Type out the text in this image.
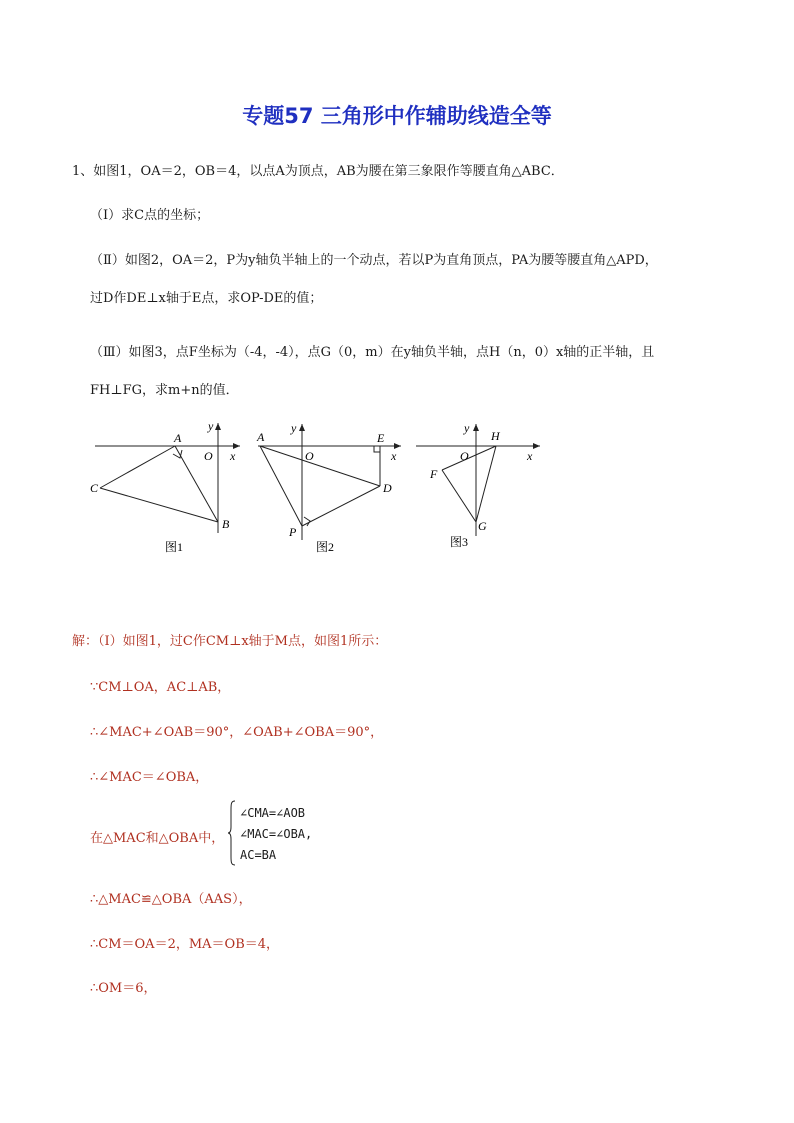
专题57 三角形中作辅助线造全等
1、如图1，OA＝2，OB＝4，以点A为顶点，AB为腰在第三象限作等腰直角△ABC．
（Ⅰ）求C点的坐标；
（Ⅱ）如图2，OA＝2，P为y轴负半轴上的一个动点，若以P为直角顶点，PA为腰等腰直角△APD，
过D作DE⊥x轴于E点，求OP-DE的值；
（Ⅲ）如图3，点F坐标为（-4，-4），点G（0，m）在y轴负半轴，点H（n，0）x轴的正半轴，且
FH⊥FG，求m+n的值．
A
O x
y
C
B
图1
A
O
E
x
y
D
P
图2
y
H
O	x
F
G
图3
解：（Ⅰ）如图1，过C作CM⊥x轴于M点，如图1所示：
∵CM⊥OA，AC⊥AB，
∴∠MAC+∠OAB＝90°，∠OAB+∠OBA＝90°，
∴∠MAC＝∠OBA，
在△MAC和△OBA中，
∠CMA=∠AOB
∠MAC=∠OBA,
AC=BA
∴△MAC≌△OBA（AAS），
∴CM＝OA＝2，MA＝OB＝4，
∴OM＝6，
